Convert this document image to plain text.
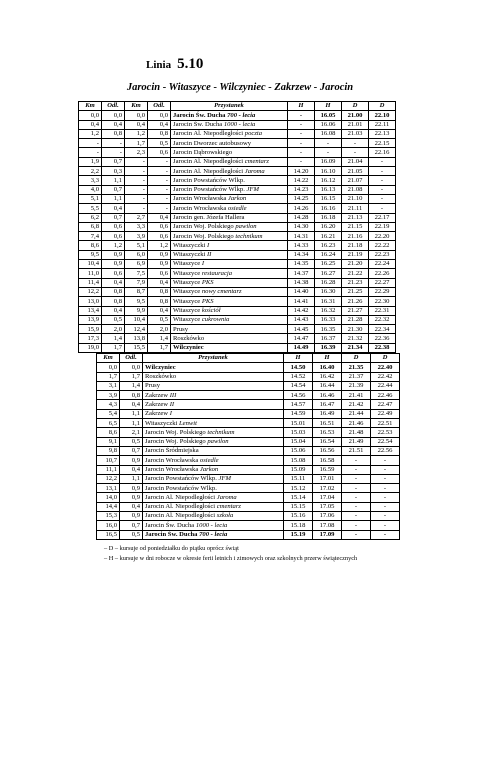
Linia 5.10
Jarocin - Witaszyce - Wilczyniec - Zakrzew - Jarocin
Km	Odl.	Km	Odl.	Przystanek	H	H	D	D
0,0	0,0	0,0	0,0	Jarocin Św. Ducha 700 - lecia	-	16.05	21.00	22.10
0,4	0,4	0,4	0,4	Jarocin Św. Ducha 1000 - lecia	-	16.06	21.01	22.11
1,2	0,8	1,2	0,8	Jarocin Al. Niepodległości poczta	-	16.08	21.03	22.13
-	-	1,7	0,5	Jarocin Dworzec autobusowy	-	-	-	22.15
-	-	2,3	0,6	Jarocin Dąbrowskiego	-	-	-	22.16
1,9	0,7	-	-	Jarocin Al. Niepodległości cmentarz	-	16.09	21.04	-
2,2	0,3	-	-	Jarocin Al. Niepodległości Jaroma	14.20	16.10	21.05	-
3,3	1,1	-	-	Jarocin Powstańców Wlkp.	14.22	16.12	21.07	-
4,0	0,7	-	-	Jarocin Powstańców Wlkp. JFM	14.23	16.13	21.08	-
5,1	1,1	-	-	Jarocin Wrocławska Jarkon	14.25	16.15	21.10	-
5,5	0,4	-	-	Jarocin Wrocławska osiedle	14.26	16.16	21.11	-
6,2	0,7	2,7	0,4	Jarocin gen. Józefa Hallera	14.28	16.18	21.13	22.17
6,8	0,6	3,3	0,6	Jarocin Woj. Polskiego pawilon	14.30	16.20	21.15	22.19
7,4	0,6	3,9	0,6	Jarocin Woj. Polskiego technikum	14.31	16.21	21.16	22.20
8,6	1,2	5,1	1,2	Witaszyczki I	14.33	16.23	21.18	22.22
9,5	0,9	6,0	0,9	Witaszyczki II	14.34	16.24	21.19	22.23
10,4	0,9	6,9	0,9	Witaszyce I	14.35	16.25	21.20	22.24
11,0	0,6	7,5	0,6	Witaszyce restauracja	14.37	16.27	21.22	22.26
11,4	0,4	7,9	0,4	Witaszyce PKS	14.38	16.28	21.23	22.27
12,2	0,8	8,7	0,8	Witaszyce nowy cmentarz	14.40	16.30	21.25	22.29
13,0	0,8	9,5	0,8	Witaszyce PKS	14.41	16.31	21.26	22.30
13,4	0,4	9,9	0,4	Witaszyce kościół	14.42	16.32	21.27	22.31
13,9	0,5	10,4	0,5	Witaszyce cukrownia	14.43	16.33	21.28	22.32
15,9	2,0	12,4	2,0	Prusy	14.45	16.35	21.30	22.34
17,3	1,4	13,8	1,4	Roszkówko	14.47	16.37	21.32	22.36
19,0	1,7	15,5	1,7	Wilczyniec	14.49	16.39	21.34	22.38
Km	Odl.	Przystanek	H	H	D	D
0,0	0,0	Wilczyniec	14.50	16.40	21.35	22.40
1,7	1,7	Roszkówko	14.52	16.42	21.37	22.42
3,1	1,4	Prusy	14.54	16.44	21.39	22.44
3,9	0,8	Zakrzew III	14.56	16.46	21.41	22.46
4,3	0,4	Zakrzew II	14.57	16.47	21.42	22.47
5,4	1,1	Zakrzew I	14.59	16.49	21.44	22.49
6,5	1,1	Witaszyczki Lenwit	15.01	16.51	21.46	22.51
8,6	2,1	Jarocin Woj. Polskiego technikum	15.03	16.53	21.48	22.53
9,1	0,5	Jarocin Woj. Polskiego pawilon	15.04	16.54	21.49	22.54
9,8	0,7	Jarocin Śródmiejska	15.06	16.56	21.51	22.56
10,7	0,9	Jarocin Wrocławska osiedle	15.08	16.58	-	-
11,1	0,4	Jarocin Wrocławska Jarkon	15.09	16.59	-	-
12,2	1,1	Jarocin Powstańców Wlkp. JFM	15.11	17.01	-	-
13,1	0,9	Jarocin Powstańców Wlkp.	15.12	17.02	-	-
14,0	0,9	Jarocin Al. Niepodległości Jaroma	15.14	17.04	-	-
14,4	0,4	Jarocin Al. Niepodległości cmentarz	15.15	17.05	-	-
15,3	0,9	Jarocin Al. Niepodległości szkoła	15.16	17.06	-	-
16,0	0,7	Jarocin Św. Ducha 1000 - lecia	15.18	17.08	-	-
16,5	0,5	Jarocin Św. Ducha 700 - lecia	15.19	17.09	-	-
– D – kursuje od poniedziałku do piątku oprócz świąt
– H – kursuje w dni robocze w okresie ferii letnich i zimowych oraz szkolnych przerw świątecznych
